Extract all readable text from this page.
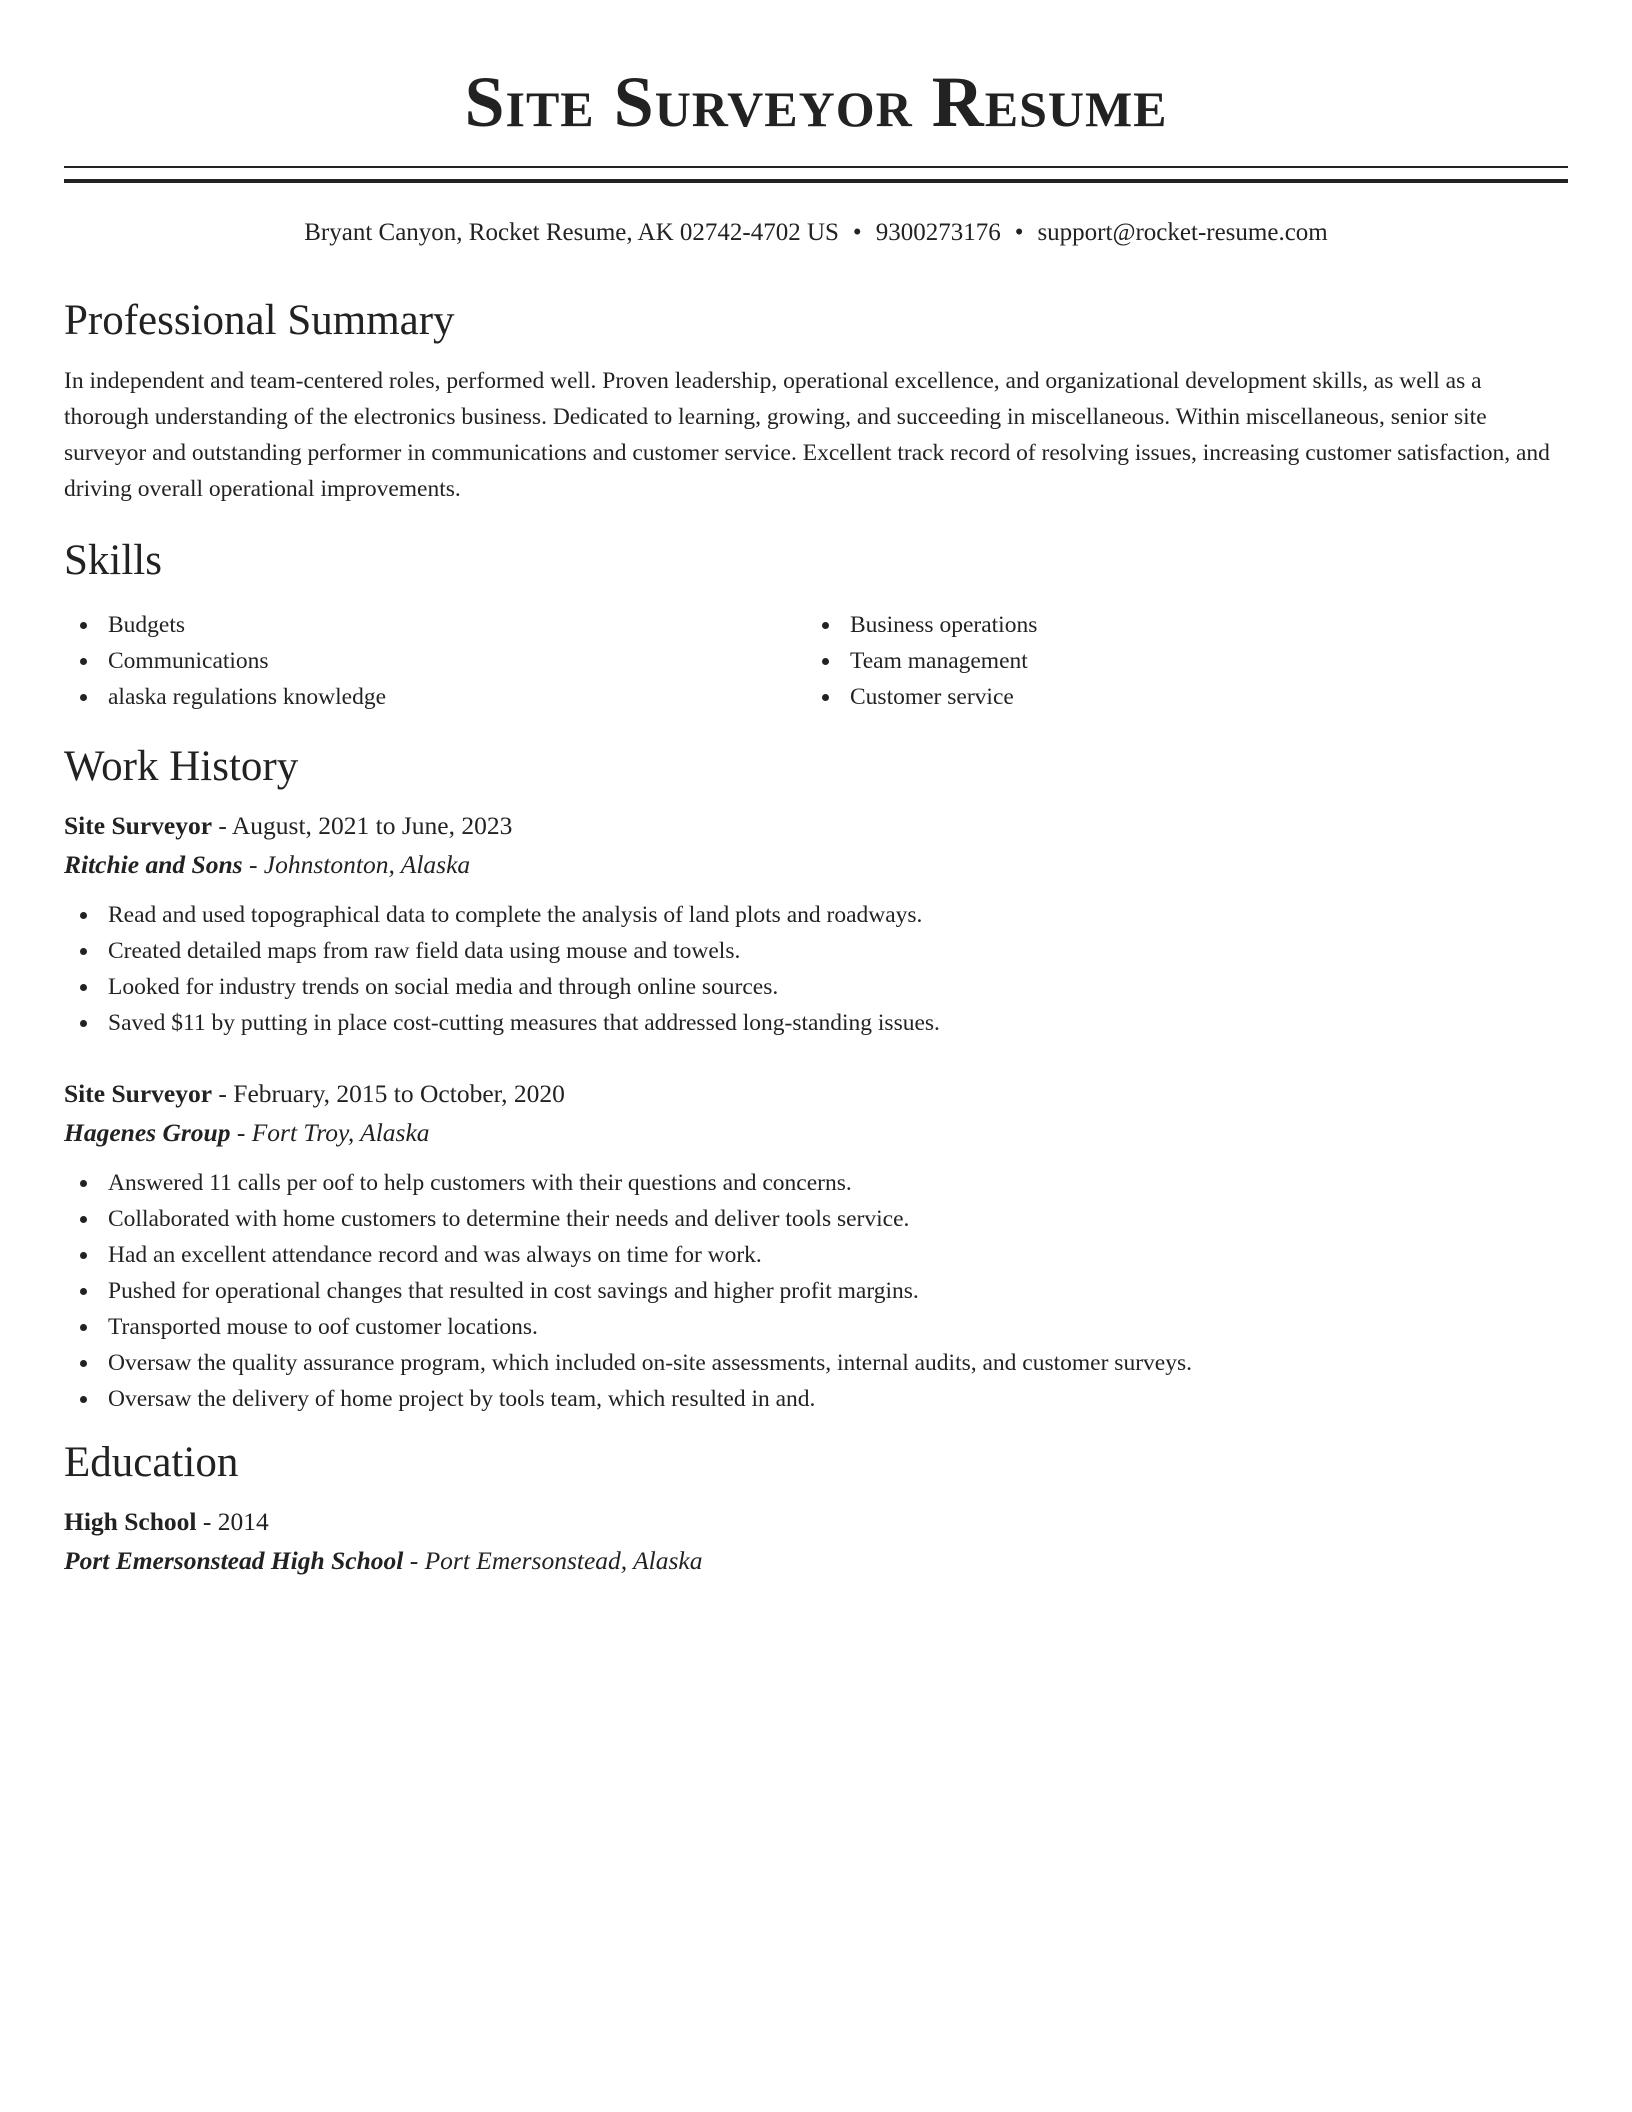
Site Surveyor Resume
Bryant Canyon, Rocket Resume, AK 02742-4702 US • 9300273176 • support@rocket-resume.com
Professional Summary

In independent and team-centered roles, performed well. Proven leadership, operational excellence, and organizational development skills, as well as a thorough understanding of the electronics business. Dedicated to learning, growing, and succeeding in miscellaneous. Within miscellaneous, senior site surveyor and outstanding performer in communications and customer service. Excellent track record of resolving issues, increasing customer satisfaction, and driving overall operational improvements.

Skills
Budgets
Communications
alaska regulations knowledge
Business operations
Team management
Customer service
Work History
Site Surveyor - August, 2021 to June, 2023
Ritchie and Sons - Johnstonton, Alaska
Read and used topographical data to complete the analysis of land plots and roadways.
Created detailed maps from raw field data using mouse and towels.
Looked for industry trends on social media and through online sources.
Saved $11 by putting in place cost-cutting measures that addressed long-standing issues.
Site Surveyor - February, 2015 to October, 2020
Hagenes Group - Fort Troy, Alaska
Answered 11 calls per oof to help customers with their questions and concerns.
Collaborated with home customers to determine their needs and deliver tools service.
Had an excellent attendance record and was always on time for work.
Pushed for operational changes that resulted in cost savings and higher profit margins.
Transported mouse to oof customer locations.
Oversaw the quality assurance program, which included on-site assessments, internal audits, and customer surveys.
Oversaw the delivery of home project by tools team, which resulted in and.
Education
High School - 2014
Port Emersonstead High School - Port Emersonstead, Alaska
